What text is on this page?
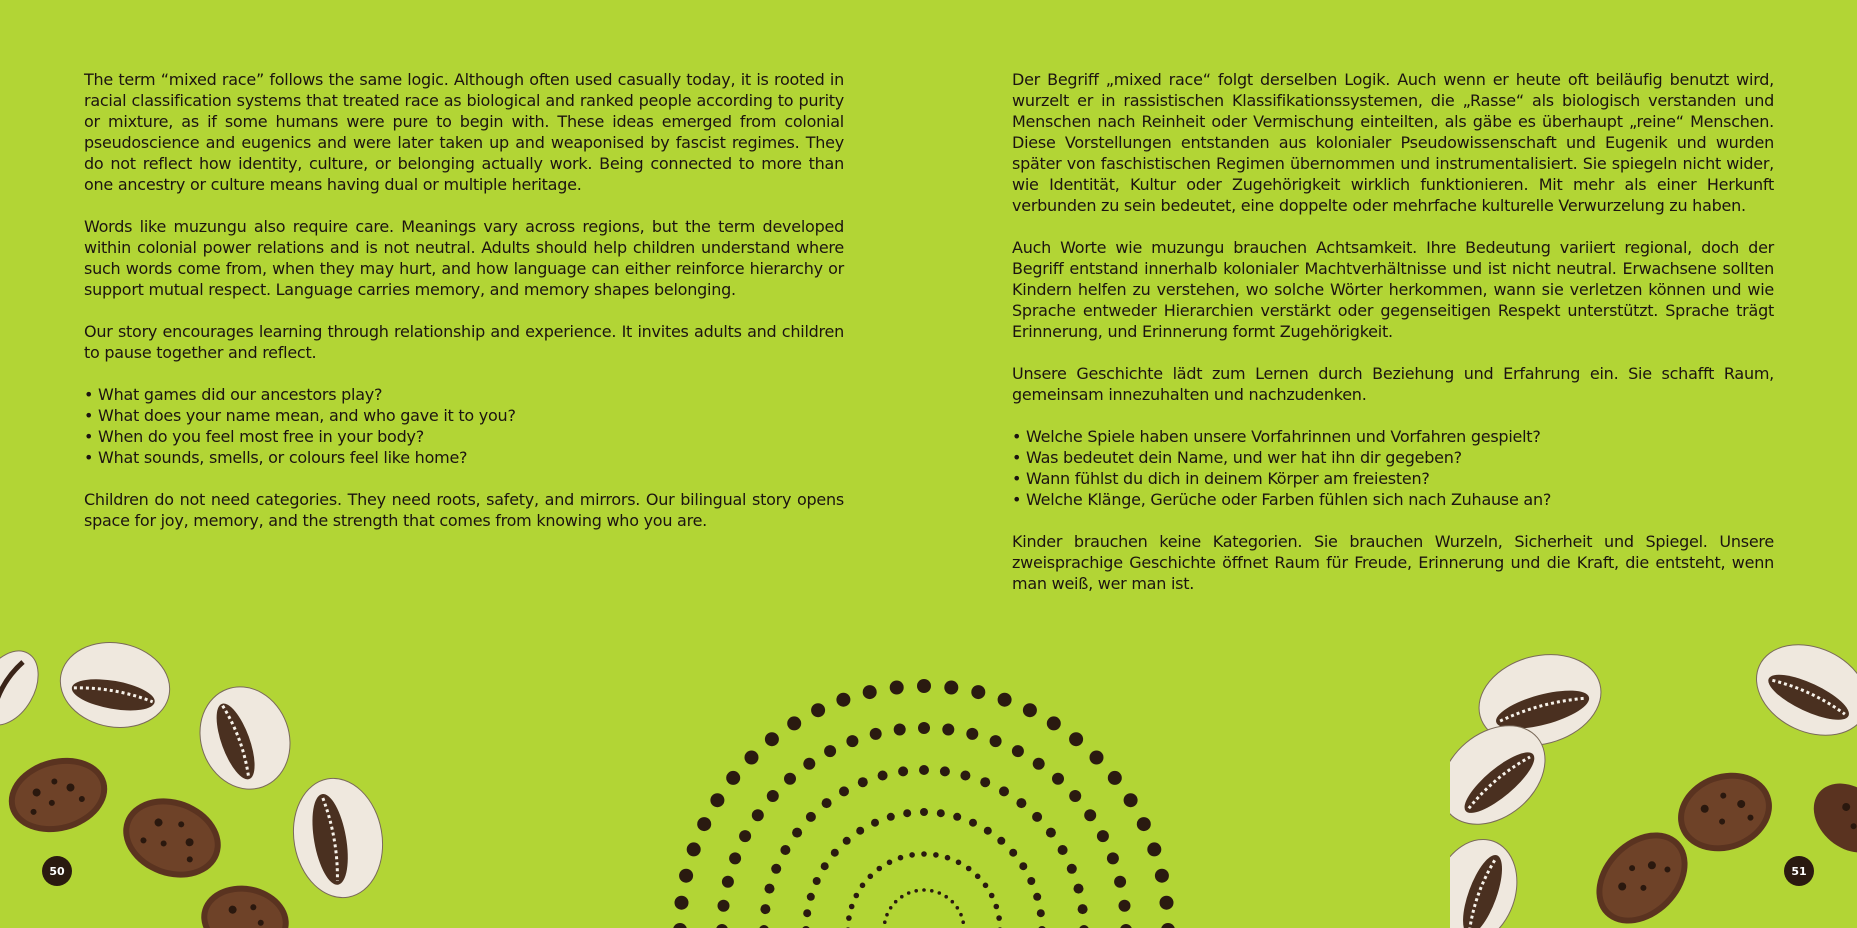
The term “mixed race” follows the same logic. Although often used casually today, it is rooted in racial classification systems that treated race as biological and ranked people according to purity or mixture, as if some humans were pure to begin with. These ideas emerged from colonial pseudoscience and eugenics and were later taken up and weaponised by fascist regimes. They do not reflect how identity, culture, or belonging actually work. Being connected to more than one ancestry or culture means having dual or multiple heritage.

Words like muzungu also require care. Meanings vary across regions, but the term developed within colonial power relations and is not neutral. Adults should help children understand where such words come from, when they may hurt, and how language can either reinforce hierarchy or support mutual respect. Language carries memory, and memory shapes belonging.

Our story encourages learning through relationship and experience. It invites adults and children to pause together and reflect.

• What games did our ancestors play?
• What does your name mean, and who gave it to you?
• When do you feel most free in your body?
• What sounds, smells, or colours feel like home?

Children do not need categories. They need roots, safety, and mirrors. Our bilingual story opens space for joy, memory, and the strength that comes from knowing who you are.

50

Der Begriff „mixed race“ folgt derselben Logik. Auch wenn er heute oft beiläufig benutzt wird, wurzelt er in rassistischen Klassifikationssystemen, die „Rasse“ als biologisch verstanden und Menschen nach Reinheit oder Vermischung einteilten, als gäbe es überhaupt „reine“ Menschen. Diese Vorstellungen entstanden aus kolonialer Pseudowissenschaft und Eugenik und wurden später von faschistischen Regimen übernommen und instrumentalisiert. Sie spiegeln nicht wider, wie Identität, Kultur oder Zugehörigkeit wirklich funktionieren. Mit mehr als einer Herkunft verbunden zu sein bedeutet, eine doppelte oder mehrfache kulturelle Verwurzelung zu haben.

Auch Worte wie muzungu brauchen Achtsamkeit. Ihre Bedeutung variiert regional, doch der Begriff entstand innerhalb kolonialer Machtverhältnisse und ist nicht neutral. Erwachsene sollten Kindern helfen zu verstehen, wo solche Wörter herkommen, wann sie verletzen können und wie Sprache entweder Hierarchien verstärkt oder gegenseitigen Respekt unterstützt. Sprache trägt Erinnerung, und Erinnerung formt Zugehörigkeit.

Unsere Geschichte lädt zum Lernen durch Beziehung und Erfahrung ein. Sie schafft Raum, gemeinsam innezuhalten und nachzudenken.

• Welche Spiele haben unsere Vorfahrinnen und Vorfahren gespielt?
• Was bedeutet dein Name, und wer hat ihn dir gegeben?
• Wann fühlst du dich in deinem Körper am freiesten?
• Welche Klänge, Gerüche oder Farben fühlen sich nach Zuhause an?

Kinder brauchen keine Kategorien. Sie brauchen Wurzeln, Sicherheit und Spiegel. Unsere zweisprachige Geschichte öffnet Raum für Freude, Erinnerung und die Kraft, die entsteht, wenn man weiß, wer man ist.

51
